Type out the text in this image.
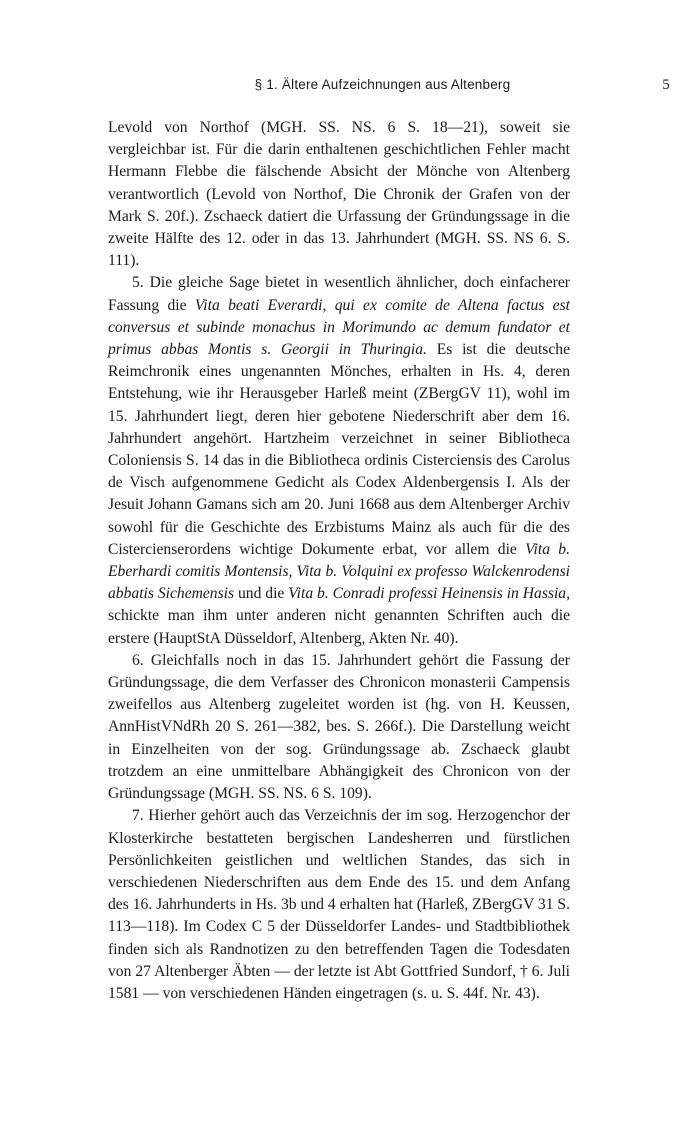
§ 1. Ältere Aufzeichnungen aus Altenberg	5

Levold von Northof (MGH. SS. NS. 6 S. 18—21), soweit sie vergleichbar ist. Für die darin enthaltenen geschichtlichen Fehler macht Hermann Flebbe die fälschende Absicht der Mönche von Altenberg verantwortlich (Levold von Northof, Die Chronik der Grafen von der Mark S. 20f.). Zschaeck datiert die Urfassung der Gründungssage in die zweite Hälfte des 12. oder in das 13. Jahrhundert (MGH. SS. NS 6. S. 111).

5. Die gleiche Sage bietet in wesentlich ähnlicher, doch einfacherer Fassung die Vita beati Everardi, qui ex comite de Altena factus est conversus et subinde monachus in Morimundo ac demum fundator et primus abbas Montis s. Georgii in Thuringia. Es ist die deutsche Reimchronik eines ungenannten Mönches, erhalten in Hs. 4, deren Entstehung, wie ihr Herausgeber Harleß meint (ZBergGV 11), wohl im 15. Jahrhundert liegt, deren hier gebotene Niederschrift aber dem 16. Jahrhundert angehört. Hartzheim verzeichnet in seiner Bibliotheca Coloniensis S. 14 das in die Bibliotheca ordinis Cisterciensis des Carolus de Visch aufgenommene Gedicht als Codex Aldenbergensis I. Als der Jesuit Johann Gamans sich am 20. Juni 1668 aus dem Altenberger Archiv sowohl für die Geschichte des Erzbistums Mainz als auch für die des Cistercienserordens wichtige Dokumente erbat, vor allem die Vita b. Eberhardi comitis Montensis, Vita b. Volquini ex professo Walckenrodensi abbatis Sichemensis und die Vita b. Conradi professi Heinensis in Hassia, schickte man ihm unter anderen nicht genannten Schriften auch die erstere (HauptStA Düsseldorf, Altenberg, Akten Nr. 40).

6. Gleichfalls noch in das 15. Jahrhundert gehört die Fassung der Gründungssage, die dem Verfasser des Chronicon monasterii Campensis zweifellos aus Altenberg zugeleitet worden ist (hg. von H. Keussen, AnnHistVNdRh 20 S. 261—382, bes. S. 266f.). Die Darstellung weicht in Einzelheiten von der sog. Gründungssage ab. Zschaeck glaubt trotzdem an eine unmittelbare Abhängigkeit des Chronicon von der Gründungssage (MGH. SS. NS. 6 S. 109).

7. Hierher gehört auch das Verzeichnis der im sog. Herzogenchor der Klosterkirche bestatteten bergischen Landesherren und fürstlichen Persönlichkeiten geistlichen und weltlichen Standes, das sich in verschiedenen Niederschriften aus dem Ende des 15. und dem Anfang des 16. Jahrhunderts in Hs. 3b und 4 erhalten hat (Harleß, ZBergGV 31 S. 113—118). Im Codex C 5 der Düsseldorfer Landes- und Stadtbibliothek finden sich als Randnotizen zu den betreffenden Tagen die Todesdaten von 27 Altenberger Äbten — der letzte ist Abt Gottfried Sundorf, † 6. Juli 1581 — von verschiedenen Händen eingetragen (s. u. S. 44f. Nr. 43).
